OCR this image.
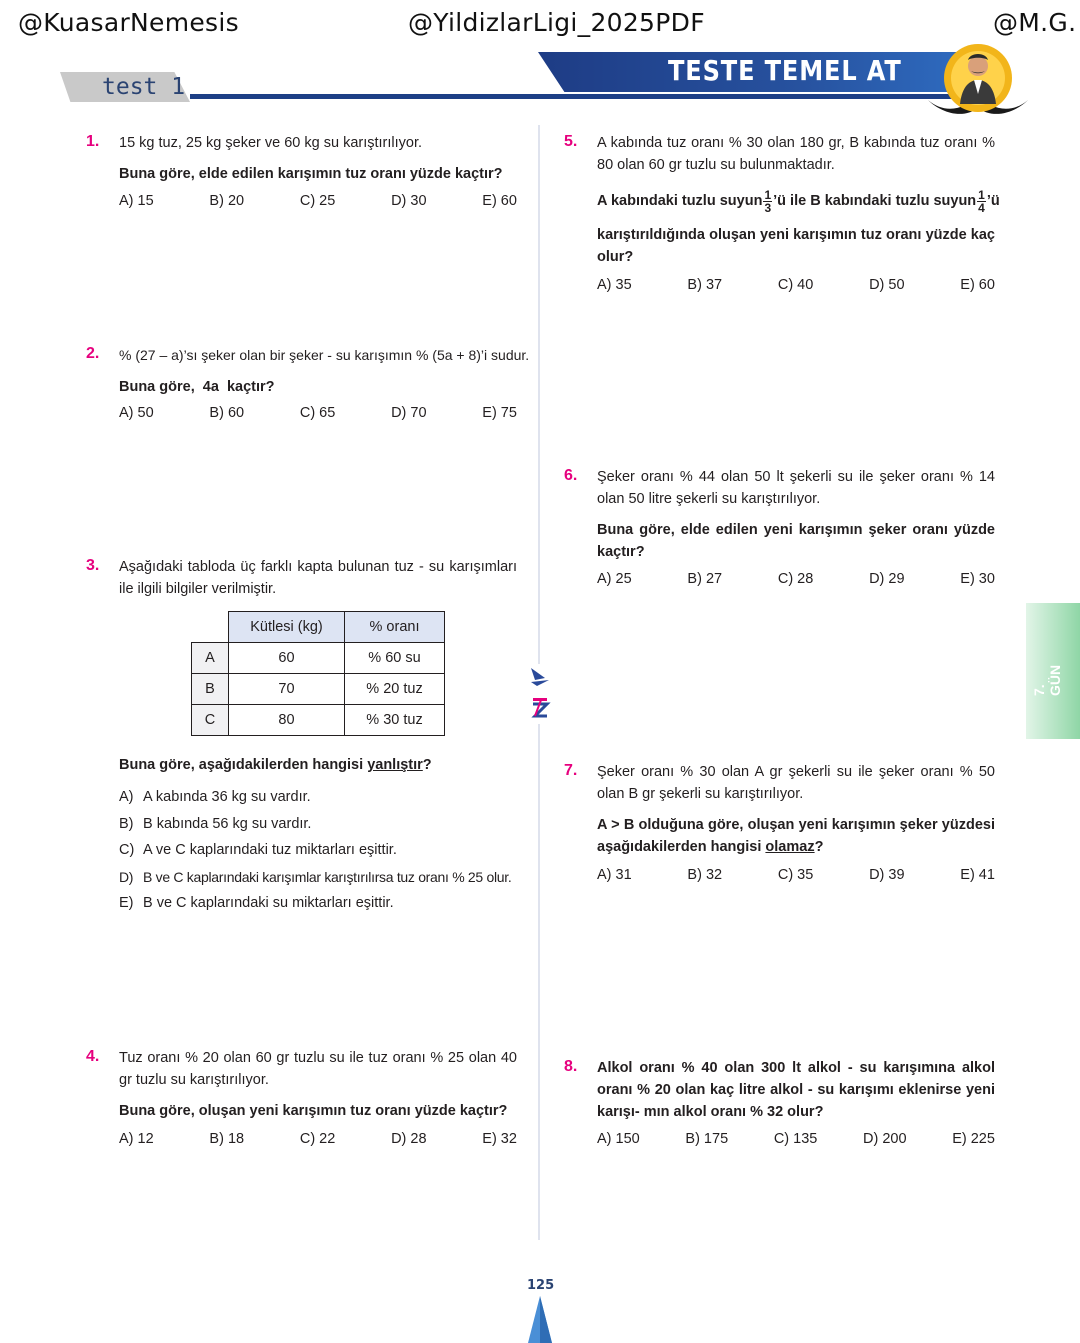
@KuasarNemesis	@YildizlarLigi_2025PDF	@M.G.
test 1	TESTE TEMEL AT
1. 15 kg tuz, 25 kg şeker ve 60 kg su karıştırılıyor.
Buna göre, elde edilen karışımın tuz oranı yüzde kaçtır?
A) 15	B) 20	C) 25	D) 30	E) 60
2. % (27 – a)’sı şeker olan bir şeker - su karışımın % (5a + 8)’i sudur.
Buna göre,  4a  kaçtır?
A) 50	B) 60	C) 65	D) 70	E) 75
3. Aşağıdaki tabloda üç farklı kapta bulunan tuz - su karışımları ile ilgili bilgiler verilmiştir.
	Kütlesi (kg)	% oranı
A	60	% 60 su
B	70	% 20 tuz
C	80	% 30 tuz
Buna göre, aşağıdakilerden hangisi yanlıştır?
A) A kabında 36 kg su vardır.
B) B kabında 56 kg su vardır.
C) A ve C kaplarındaki tuz miktarları eşittir.
D) B ve C kaplarındaki karışımlar karıştırılırsa tuz oranı % 25 olur.
E) B ve C kaplarındaki su miktarları eşittir.
4. Tuz oranı % 20 olan 60 gr tuzlu su ile tuz oranı % 25 olan 40 gr tuzlu su karıştırılıyor.
Buna göre, oluşan yeni karışımın tuz oranı yüzde kaçtır?
A) 12	B) 18	C) 22	D) 28	E) 32
5. A kabında tuz oranı % 30 olan 180 gr, B kabında tuz oranı % 80 olan 60 gr tuzlu su bulunmaktadır.
A kabındaki tuzlu suyun $\frac{1}{3}$ ’ü ile B kabındaki tuzlu suyun $\frac{1}{4}$ ’ü
karıştırıldığında oluşan yeni karışımın tuz oranı yüzde kaç olur?
A) 35	B) 37	C) 40	D) 50	E) 60
6. Şeker oranı % 44 olan 50 lt şekerli su ile şeker oranı % 14 olan 50 litre şekerli su karıştırılıyor.
Buna göre, elde edilen yeni karışımın şeker oranı yüzde kaçtır?
A) 25	B) 27	C) 28	D) 29	E) 30
7. Şeker oranı % 30 olan A gr şekerli su ile şeker oranı % 50 olan B gr şekerli su karıştırılıyor.
A > B olduğuna göre, oluşan yeni karışımın şeker yüzdesi aşağıdakilerden hangisi olamaz?
A) 31	B) 32	C) 35	D) 39	E) 41
8. Alkol oranı % 40 olan 300 lt alkol - su karışımına alkol oranı % 20 olan kaç litre alkol - su karışımı eklenirse yeni karışı- mın alkol oranı % 32 olur?
A) 150	B) 175	C) 135	D) 200	E) 225
7. GÜN
125
